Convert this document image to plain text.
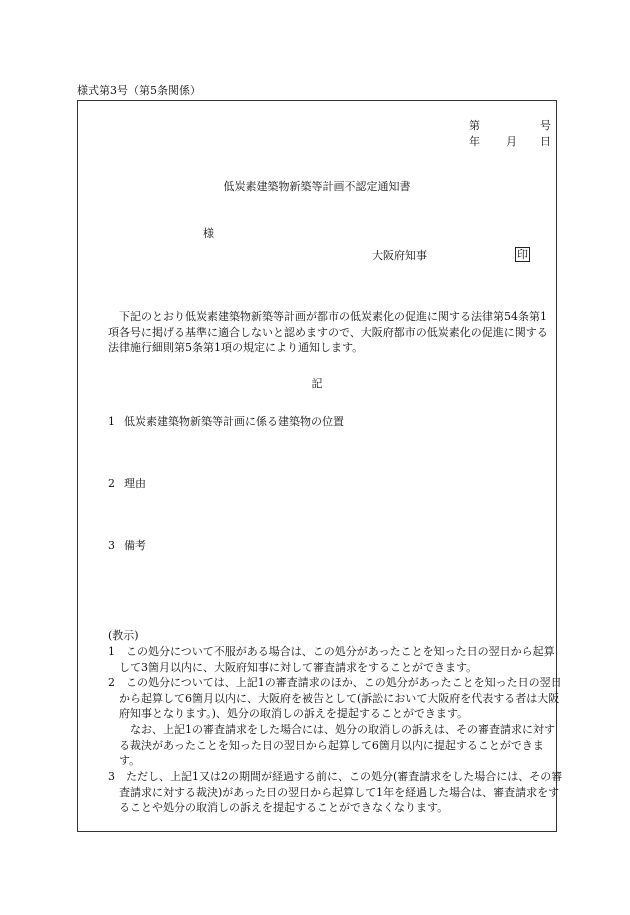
様式第3号（第5条関係）
第	号
年 月 日
低炭素建築物新築等計画不認定通知書
様
大阪府知事	印
下記のとおり低炭素建築物新築等計画が都市の低炭素化の促進に関する法律第54条第1項各号に掲げる基準に適合しないと認めますので、大阪府都市の低炭素化の促進に関する法律施行細則第5条第1項の規定により通知します。
記
1 低炭素建築物新築等計画に係る建築物の位置
2 理由
3 備考
(教示)
1　この処分について不服がある場合は、この処分があったことを知った日の翌日から起算して3箇月以内に、大阪府知事に対して審査請求をすることができます。
2　この処分については、上記1の審査請求のほか、この処分があったことを知った日の翌日から起算して6箇月以内に、大阪府を被告として(訴訟において大阪府を代表する者は大阪府知事となります。)、処分の取消しの訴えを提起することができます。
なお、上記1の審査請求をした場合には、処分の取消しの訴えは、その審査請求に対する裁決があったことを知った日の翌日から起算して6箇月以内に提起することができます。
3　ただし、上記1又は2の期間が経過する前に、この処分(審査請求をした場合には、その審査請求に対する裁決)があった日の翌日から起算して1年を経過した場合は、審査請求をすることや処分の取消しの訴えを提起することができなくなります。
